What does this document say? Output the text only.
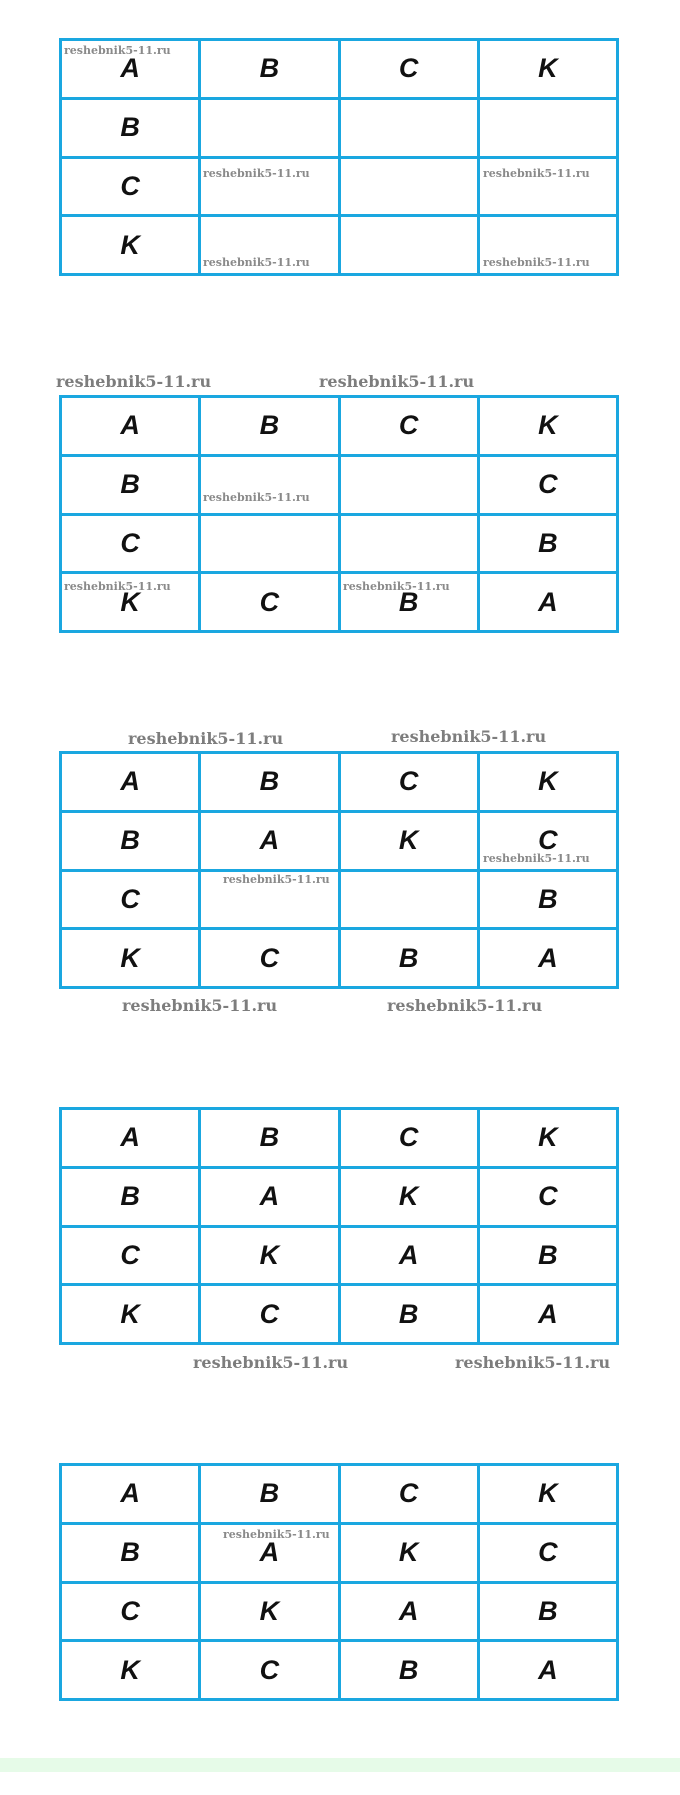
A	B	C	K
B			
C			
K			
reshebnik5-11.ru
reshebnik5-11.ru	reshebnik5-11.ru
reshebnik5-11.ru	reshebnik5-11.ru
reshebnik5-11.ru	reshebnik5-11.ru
A	B	C	K
B			C
C			B
K	C	B	A
reshebnik5-11.ru
reshebnik5-11.ru	reshebnik5-11.ru
reshebnik5-11.ru	reshebnik5-11.ru
A	B	C	K
B	A	K	C
C			B
K	C	B	A
reshebnik5-11.ru
reshebnik5-11.ru
reshebnik5-11.ru	reshebnik5-11.ru
A	B	C	K
B	A	K	C
C	K	A	B
K	C	B	A
reshebnik5-11.ru	reshebnik5-11.ru
A	B	C	K
B	A	K	C
C	K	A	B
K	C	B	A
reshebnik5-11.ru
